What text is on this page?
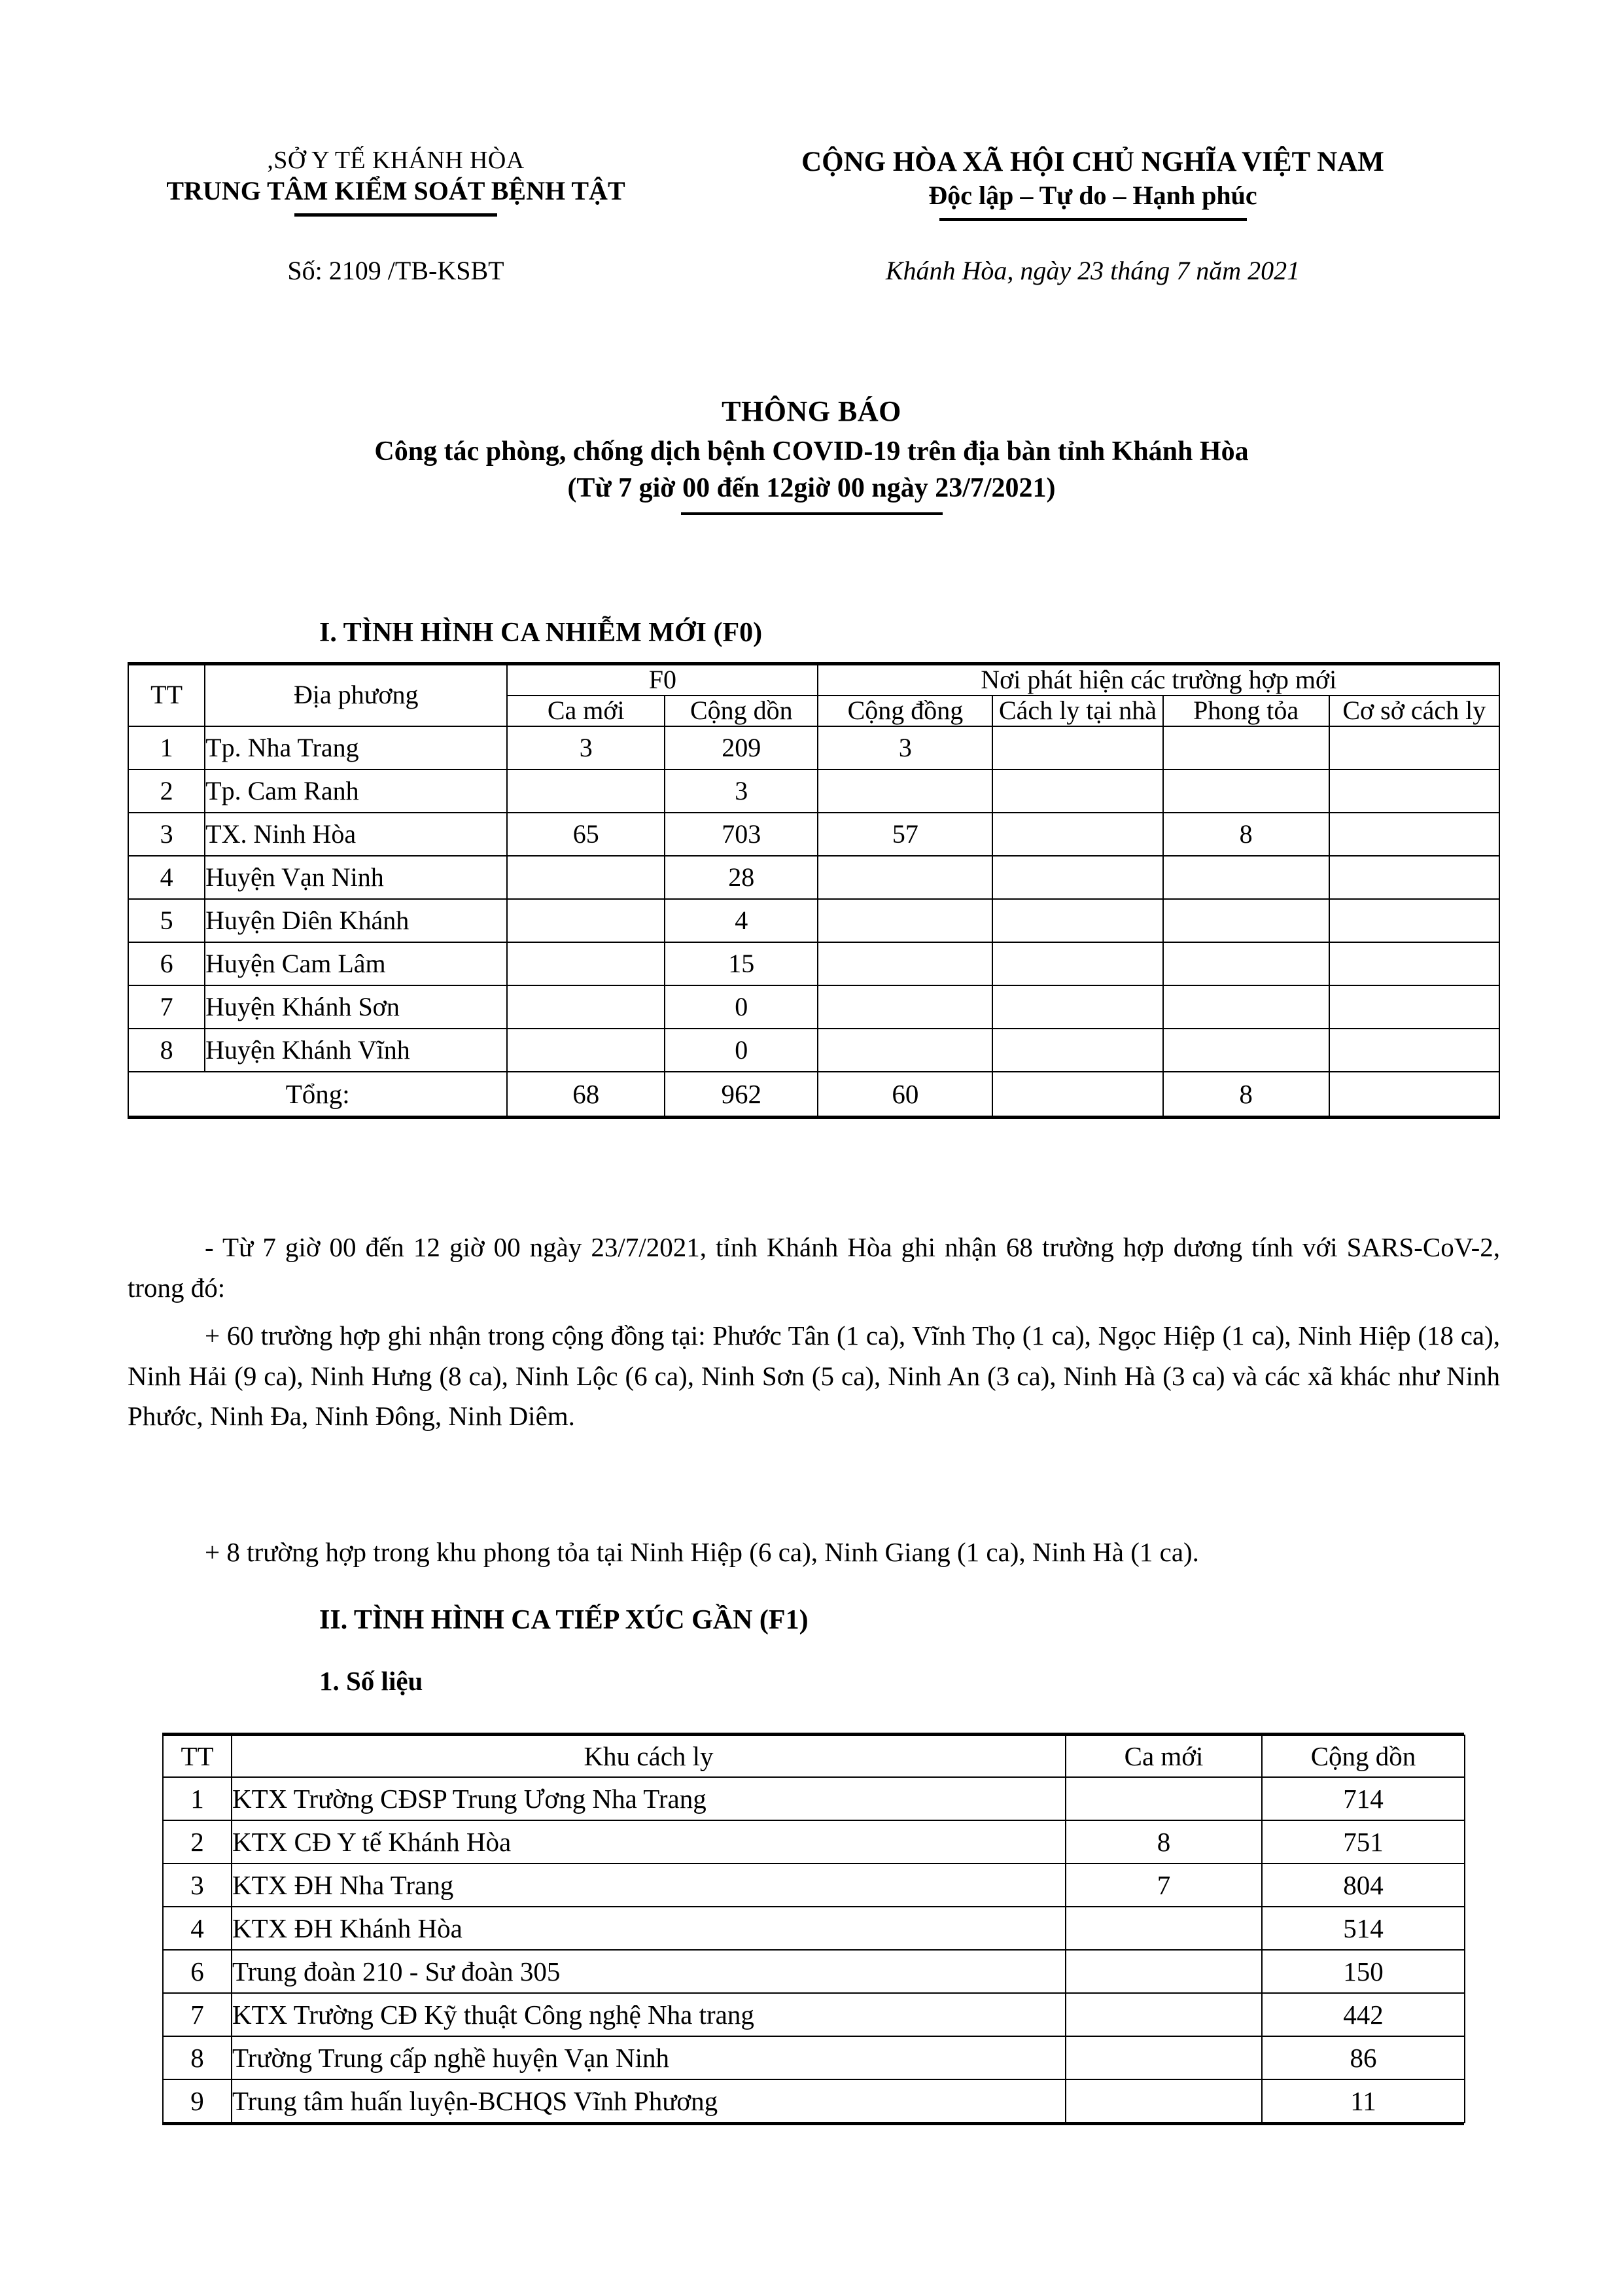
,SỞ Y TẾ KHÁNH HÒA
TRUNG TÂM KIỂM SOÁT BỆNH TẬT
CỘNG HÒA XÃ HỘI CHỦ NGHĨA VIỆT NAM
Độc lập – Tự do – Hạnh phúc
Số: 2109 /TB-KSBT	Khánh Hòa, ngày 23 tháng 7 năm 2021
THÔNG BÁO
Công tác phòng, chống dịch bệnh COVID-19 trên địa bàn tỉnh Khánh Hòa
(Từ 7 giờ 00 đến 12giờ 00 ngày 23/7/2021)
I. TÌNH HÌNH CA NHIỄM MỚI (F0)
TT	Địa phương	F0		Nơi phát hiện các trường hợp mới			
		Ca mới	Cộng dồn	Cộng đồng	Cách ly tại nhà	Phong tỏa	Cơ sở cách ly
1	Tp. Nha Trang	3	209	3			
2	Tp. Cam Ranh		3				
3	TX. Ninh Hòa	65	703	57		8	
4	Huyện Vạn Ninh		28				
5	Huyện Diên Khánh		4				
6	Huyện Cam Lâm		15				
7	Huyện Khánh Sơn		0				
8	Huyện Khánh Vĩnh		0				
Tổng:		68	962	60		8	
- Từ 7 giờ 00 đến 12 giờ 00 ngày 23/7/2021, tỉnh Khánh Hòa ghi nhận 68 trường hợp dương tính với SARS-CoV-2, trong đó:
+ 60 trường hợp ghi nhận trong cộng đồng tại: Phước Tân (1 ca), Vĩnh Thọ (1 ca), Ngọc Hiệp (1 ca), Ninh Hiệp (18 ca), Ninh Hải (9 ca), Ninh Hưng (8 ca), Ninh Lộc (6 ca), Ninh Sơn (5 ca), Ninh An (3 ca), Ninh Hà (3 ca) và các xã khác như Ninh Phước, Ninh Đa, Ninh Đông, Ninh Diêm.
+ 8 trường hợp trong khu phong tỏa tại Ninh Hiệp (6 ca), Ninh Giang (1 ca), Ninh Hà (1 ca).
II. TÌNH HÌNH CA TIẾP XÚC GẦN (F1)
1. Số liệu
TT	Khu cách ly	Ca mới	Cộng dồn
1	KTX Trường CĐSP Trung Ương Nha Trang		714
2	KTX CĐ Y tế Khánh Hòa	8	751
3	KTX ĐH Nha Trang	7	804
4	KTX ĐH Khánh Hòa		514
6	Trung đoàn 210 - Sư đoàn 305		150
7	KTX Trường CĐ Kỹ thuật Công nghệ Nha trang		442
8	Trường Trung cấp nghề huyện Vạn Ninh		86
9	Trung tâm huấn luyện-BCHQS Vĩnh Phương		11
